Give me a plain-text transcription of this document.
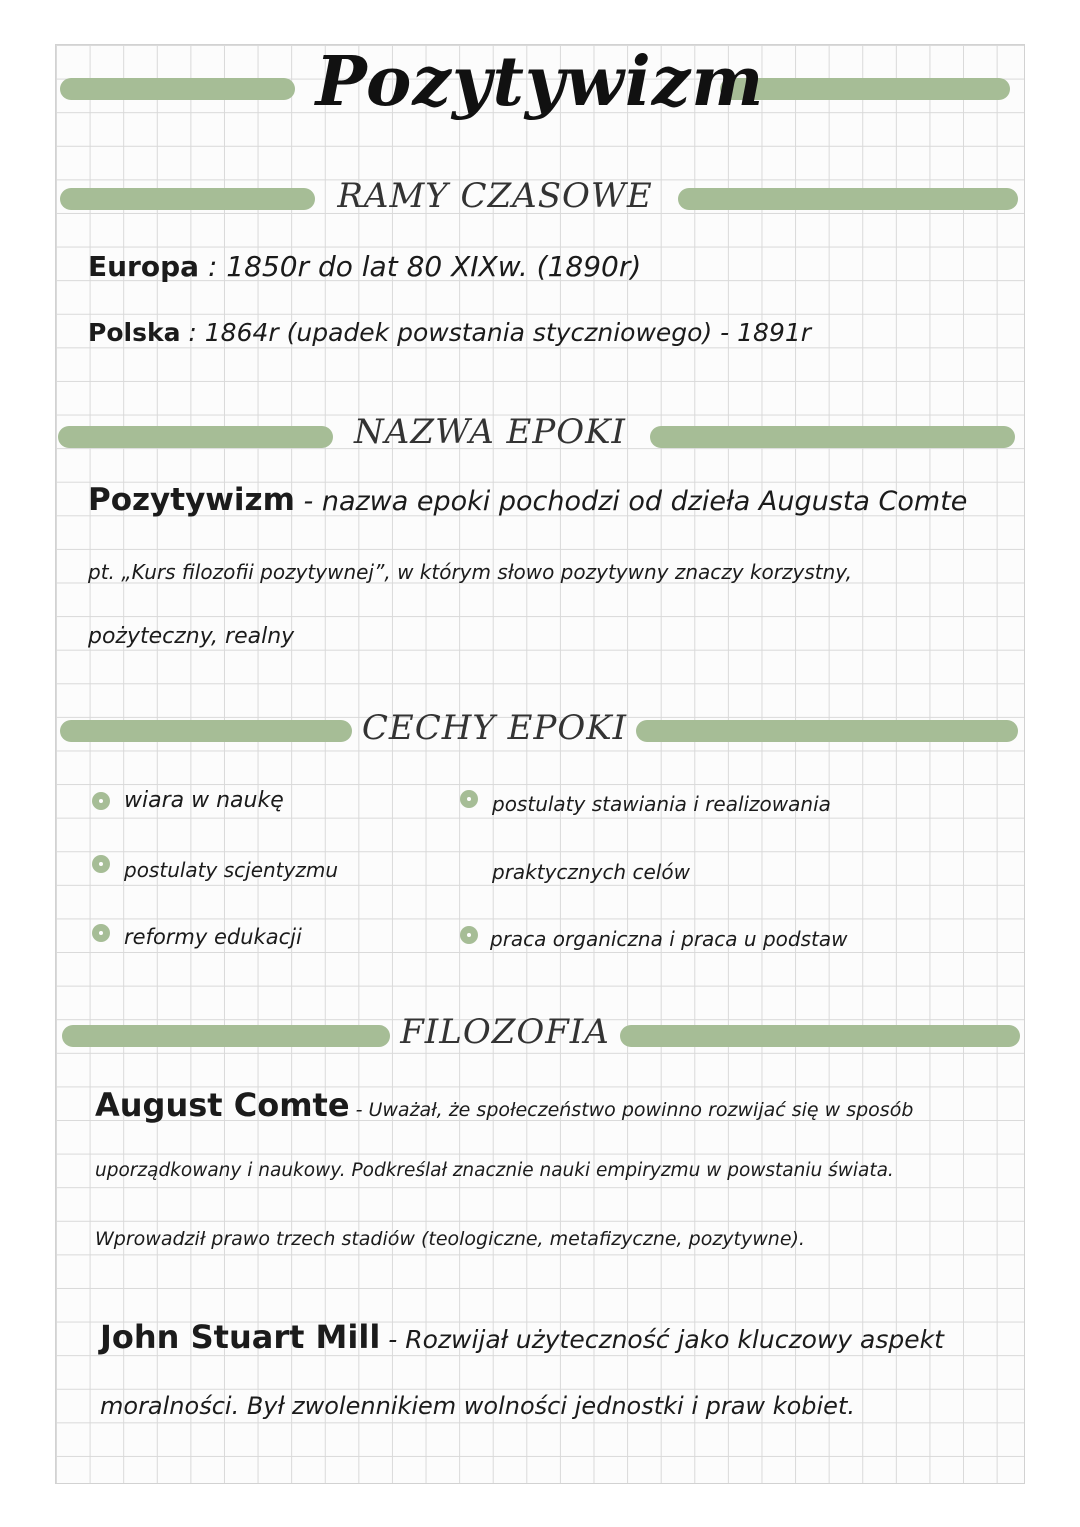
Pozytywizm
RAMY CZASOWE

Europa : 1850r do lat 80 XIXw. (1890r)

Polska : 1864r (upadek powstania styczniowego) - 1891r

NAZWA EPOKI

Pozytywizm - nazwa epoki pochodzi od dzieła Augusta Comte

pt. „Kurs filozofii pozytywnej”, w którym słowo pozytywny znaczy korzystny,

pożyteczny, realny

CECHY EPOKI

wiara w naukę

postulaty scjentyzmu

reformy edukacji

postulaty stawiania i realizowania

praktycznych celów

praca organiczna i praca u podstaw

FILOZOFIA

August Comte - Uważał, że społeczeństwo powinno rozwijać się w sposób

uporządkowany i naukowy. Podkreślał znacznie nauki empiryzmu w powstaniu świata.

Wprowadził prawo trzech stadiów (teologiczne, metafizyczne, pozytywne).

John Stuart Mill - Rozwijał użyteczność jako kluczowy aspekt

moralności. Był zwolennikiem wolności jednostki i praw kobiet.
